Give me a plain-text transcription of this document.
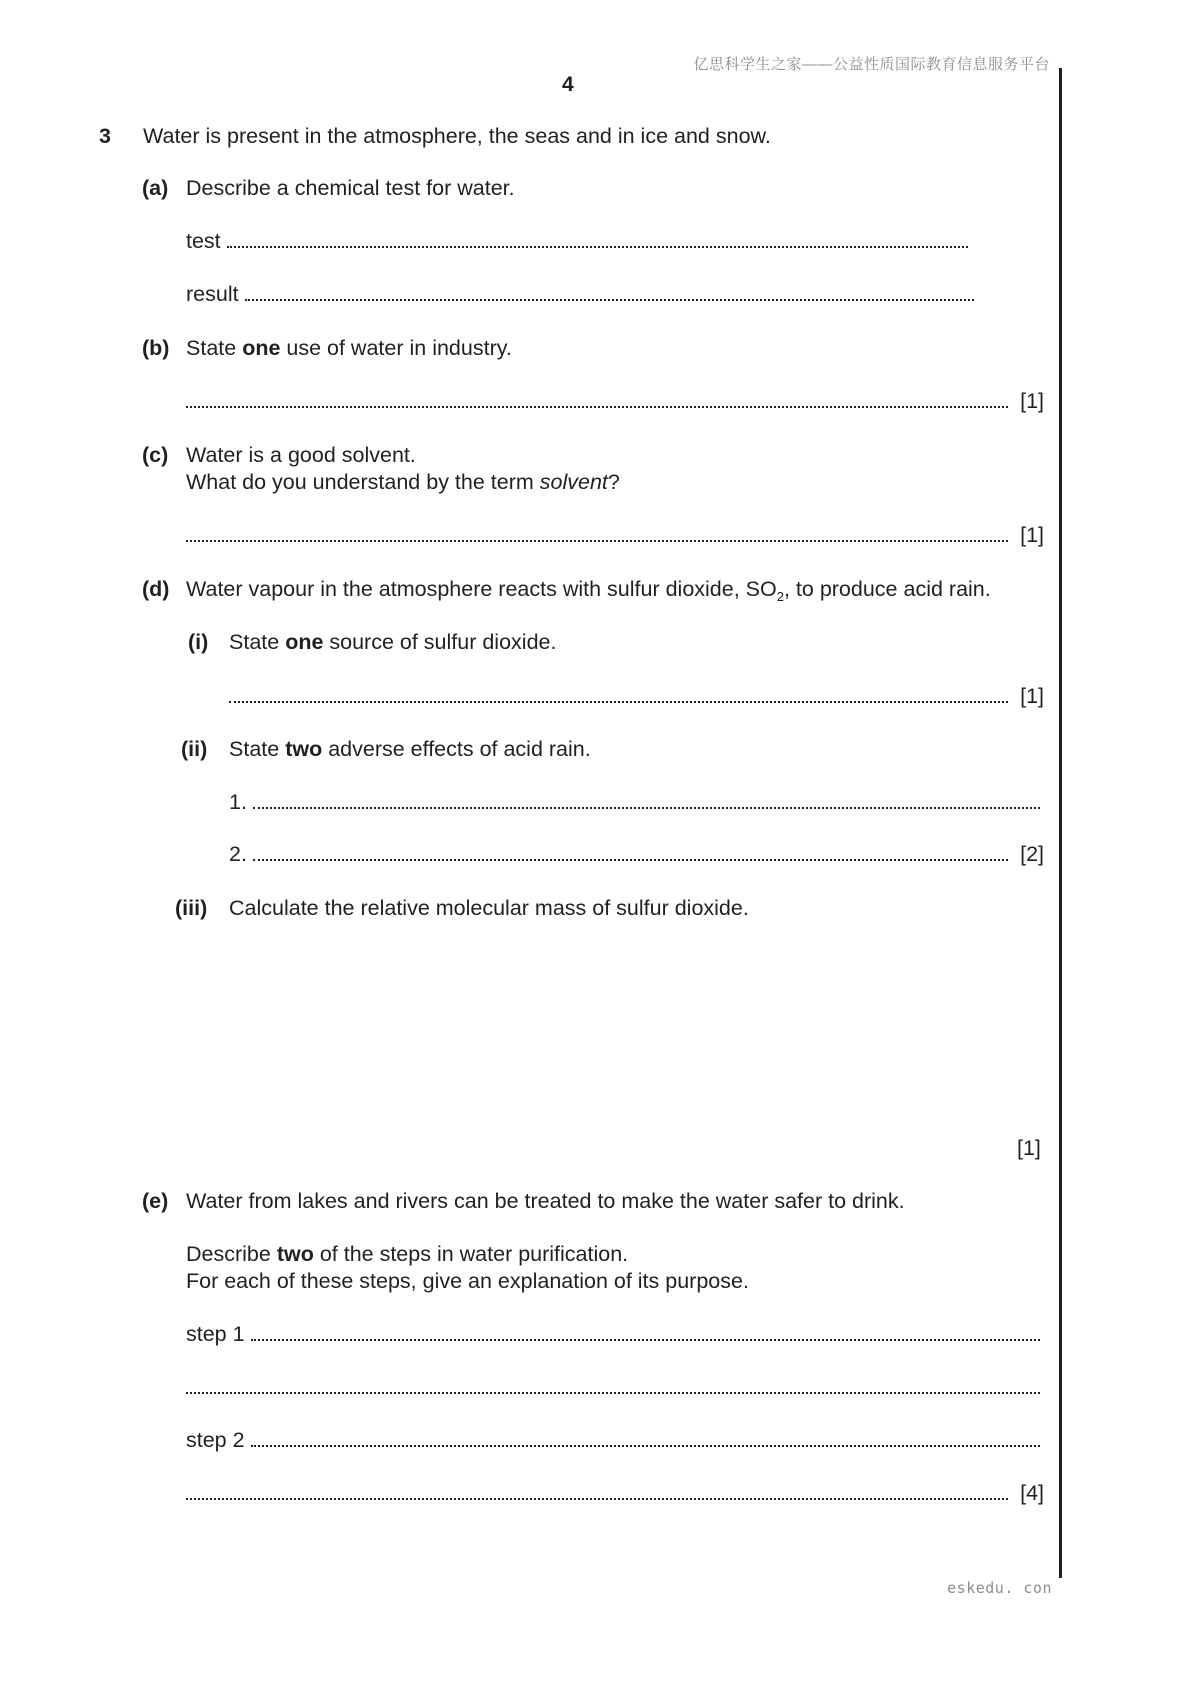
亿思科学生之家——公益性质国际教育信息服务平台
4
3 Water is present in the atmosphere, the seas and in ice and snow.
(a) Describe a chemical test for water.
test
result
(b) State one use of water in industry.
[1]
(c) Water is a good solvent.
What do you understand by the term solvent?
[1]
(d) Water vapour in the atmosphere reacts with sulfur dioxide, $SO_2$, to produce acid rain.
(i) State one source of sulfur dioxide.
[1]
(ii) State two adverse effects of acid rain.
1.
2.	[2]
(iii) Calculate the relative molecular mass of sulfur dioxide.
[1]
(e) Water from lakes and rivers can be treated to make the water safer to drink.
Describe two of the steps in water purification.
For each of these steps, give an explanation of its purpose.
step 1
step 2
[4]
eskedu. con
